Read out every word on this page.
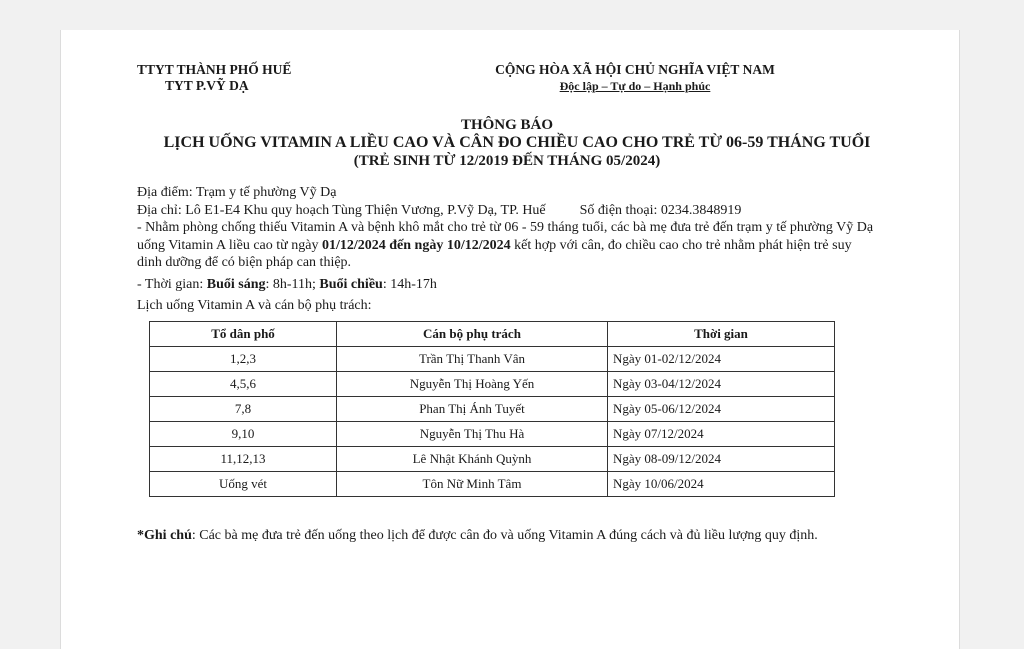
TTYT THÀNH PHỐ HUẾ
TYT P.VỸ DẠ
CỘNG HÒA XÃ HỘI CHỦ NGHĨA VIỆT NAM
Độc lập – Tự do – Hạnh phúc
THÔNG BÁO
LỊCH UỐNG VITAMIN A LIỀU CAO VÀ CÂN ĐO CHIỀU CAO CHO TRẺ TỪ 06-59 THÁNG TUỔI
(TRẺ SINH TỪ 12/2019 ĐẾN THÁNG 05/2024)
Địa điểm: Trạm y tế phường Vỹ Dạ
Địa chỉ: Lô E1-E4 Khu quy hoạch Tùng Thiện Vương, P.Vỹ Dạ, TP. Huế Số điện thoại: 0234.3848919
- Nhằm phòng chống thiếu Vitamin A và bệnh khô mắt cho trẻ từ 06 - 59 tháng tuổi, các bà mẹ đưa trẻ đến trạm y tế phường Vỹ Dạ uống Vitamin A liều cao từ ngày 01/12/2024 đến ngày 10/12/2024 kết hợp với cân, đo chiều cao cho trẻ nhằm phát hiện trẻ suy dinh dưỡng để có biện pháp can thiệp.
- Thời gian: Buổi sáng: 8h-11h; Buổi chiều: 14h-17h
Lịch uống Vitamin A và cán bộ phụ trách:
Tổ dân phố	Cán bộ phụ trách	Thời gian
1,2,3	Trần Thị Thanh Vân	Ngày 01-02/12/2024
4,5,6	Nguyễn Thị Hoàng Yến	Ngày 03-04/12/2024
7,8	Phan Thị Ánh Tuyết	Ngày 05-06/12/2024
9,10	Nguyễn Thị Thu Hà	Ngày 07/12/2024
11,12,13	Lê Nhật Khánh Quỳnh	Ngày 08-09/12/2024
Uống vét	Tôn Nữ Minh Tâm	Ngày 10/06/2024
*Ghi chú: Các bà mẹ đưa trẻ đến uống theo lịch để được cân đo và uống Vitamin A đúng cách và đủ liều lượng quy định.
